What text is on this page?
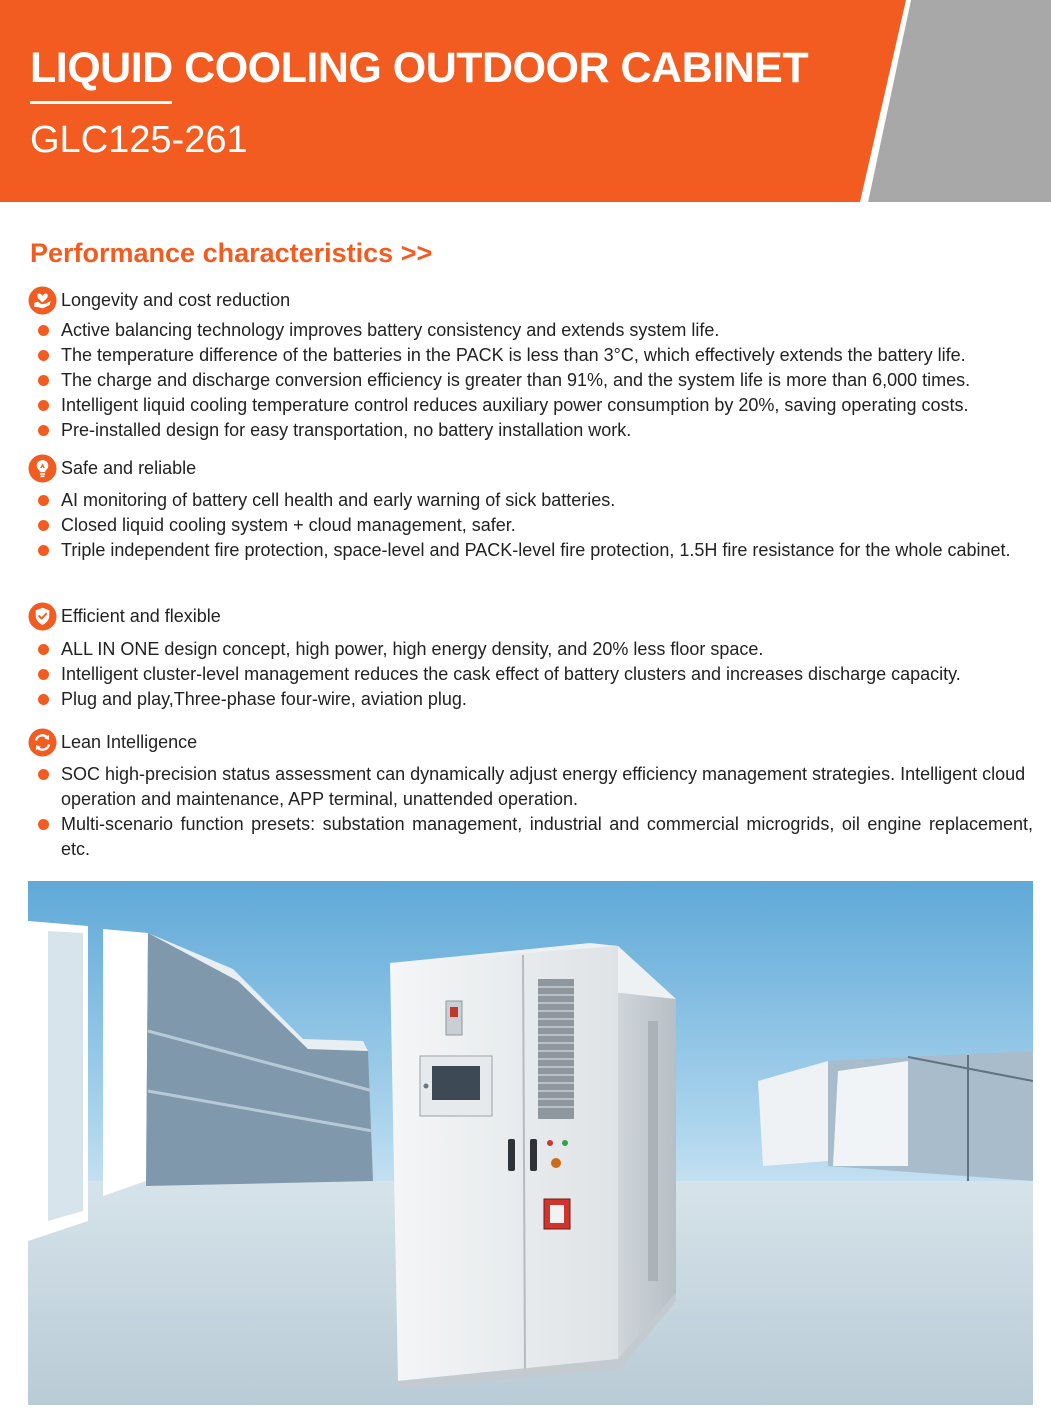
LIQUID COOLING OUTDOOR CABINET
GLC125-261
Performance characteristics >>
Longevity and cost reduction
Active balancing technology improves battery consistency and extends system life.
The temperature difference of the batteries in the PACK is less than 3°C, which effectively extends the battery life.
The charge and discharge conversion efficiency is greater than 91%, and the system life is more than 6,000 times.
Intelligent liquid cooling temperature control reduces auxiliary power consumption by 20%, saving operating costs.
Pre-installed design for easy transportation, no battery installation work.
Safe and reliable
AI monitoring of battery cell health and early warning of sick batteries.
Closed liquid cooling system + cloud management, safer.
Triple independent fire protection, space-level and PACK-level fire protection, 1.5H fire resistance for the whole cabinet.
Efficient and flexible
ALL IN ONE design concept, high power, high energy density, and 20% less floor space.
Intelligent cluster-level management reduces the cask effect of battery clusters and increases discharge capacity.
Plug and play,Three-phase four-wire, aviation plug.
Lean Intelligence
SOC high-precision status assessment can dynamically adjust energy efficiency management strategies. Intelligent cloud operation and maintenance, APP terminal, unattended operation.
Multi-scenario function presets: substation management, industrial and commercial microgrids, oil engine replacement, etc.
